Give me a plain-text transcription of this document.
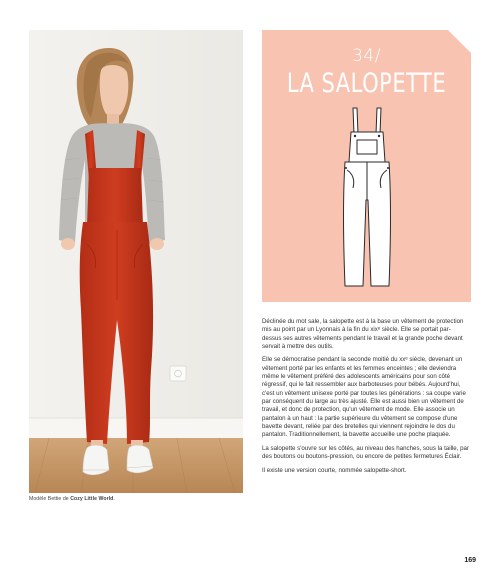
Modèle Bettie de Cozy Little World.
34/
LA SALOPETTE

Déclinée du mot sale, la salopette est à la base un vêtement de protection mis au point par un Lyonnais à la fin du xixᵉ siècle. Elle se portait par-dessus ses autres vêtements pendant le travail et la grande poche devant servait à mettre des outils.

Elle se démocratise pendant la seconde moitié du xxᵉ siècle, devenant un vêtement porté par les enfants et les femmes enceintes ; elle deviendra même le vêtement préféré des adolescents américains pour son côté régressif, qui le fait ressembler aux barboteuses pour bébés. Aujourd'hui, c'est un vêtement unisexe porté par toutes les générations : sa coupe varie par conséquent du large au très ajusté. Elle est aussi bien un vêtement de travail, et donc de protection, qu'un vêtement de mode. Elle associe un pantalon à un haut : la partie supérieure du vêtement se compose d'une bavette devant, reliée par des bretelles qui viennent rejoindre le dos du pantalon. Traditionnellement, la bavette accueille une poche plaquée.

La salopette s'ouvre sur les côtés, au niveau des hanches, sous la taille, par des boutons ou boutons-pression, ou encore de petites fermetures Éclair.

Il existe une version courte, nommée salopette-short.

169
